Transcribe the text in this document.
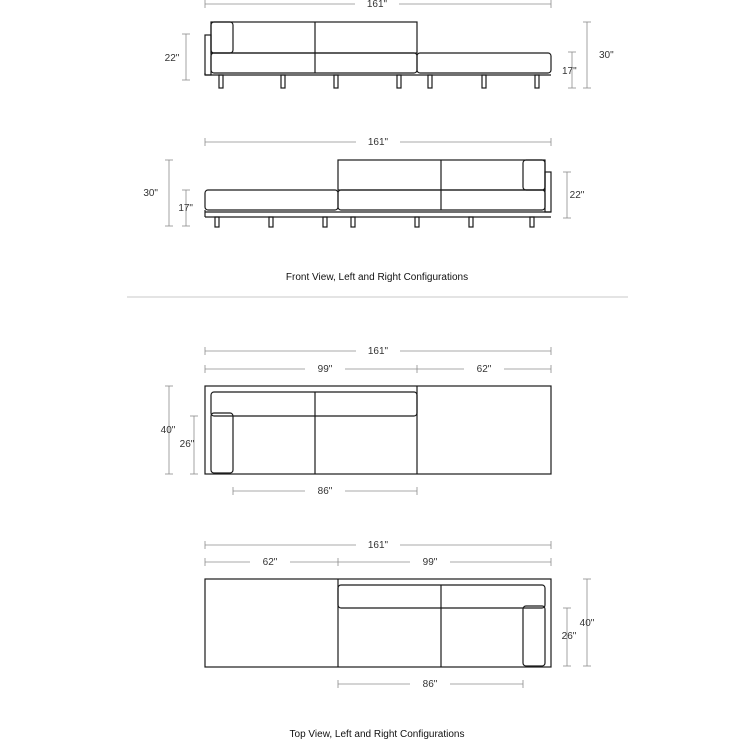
161"
22"	30"
17"
161"
30"
17"
22"
Front View, Left and Right Configurations
161"
99"	62"
40"
26"
86"
161"
62"	99"
40"
26"
86"
Top View, Left and Right Configurations
